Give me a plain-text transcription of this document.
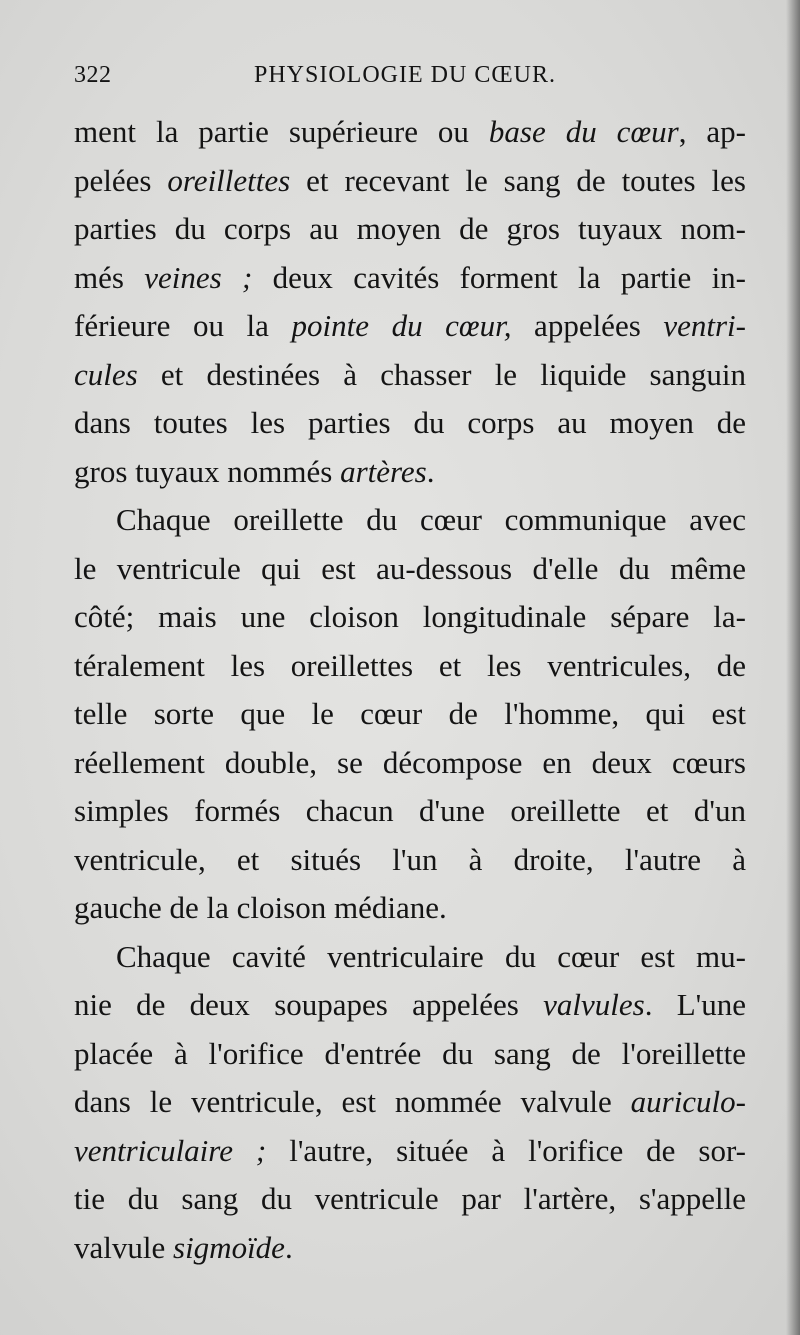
322	PHYSIOLOGIE DU CŒUR.
ment la partie supérieure ou base du cœur, ap-
pelées oreillettes et recevant le sang de toutes les
parties du corps au moyen de gros tuyaux nom-
més veines ; deux cavités forment la partie in-
férieure ou la pointe du cœur, appelées ventri-
cules et destinées à chasser le liquide sanguin
dans toutes les parties du corps au moyen de
gros tuyaux nommés artères.
Chaque oreillette du cœur communique avec
le ventricule qui est au-dessous d'elle du même
côté; mais une cloison longitudinale sépare la-
téralement les oreillettes et les ventricules, de
telle sorte que le cœur de l'homme, qui est
réellement double, se décompose en deux cœurs
simples formés chacun d'une oreillette et d'un
ventricule, et situés l'un à droite, l'autre à
gauche de la cloison médiane.
Chaque cavité ventriculaire du cœur est mu-
nie de deux soupapes appelées valvules. L'une
placée à l'orifice d'entrée du sang de l'oreillette
dans le ventricule, est nommée valvule auriculo-
ventriculaire ; l'autre, située à l'orifice de sor-
tie du sang du ventricule par l'artère, s'appelle
valvule sigmoïde.
